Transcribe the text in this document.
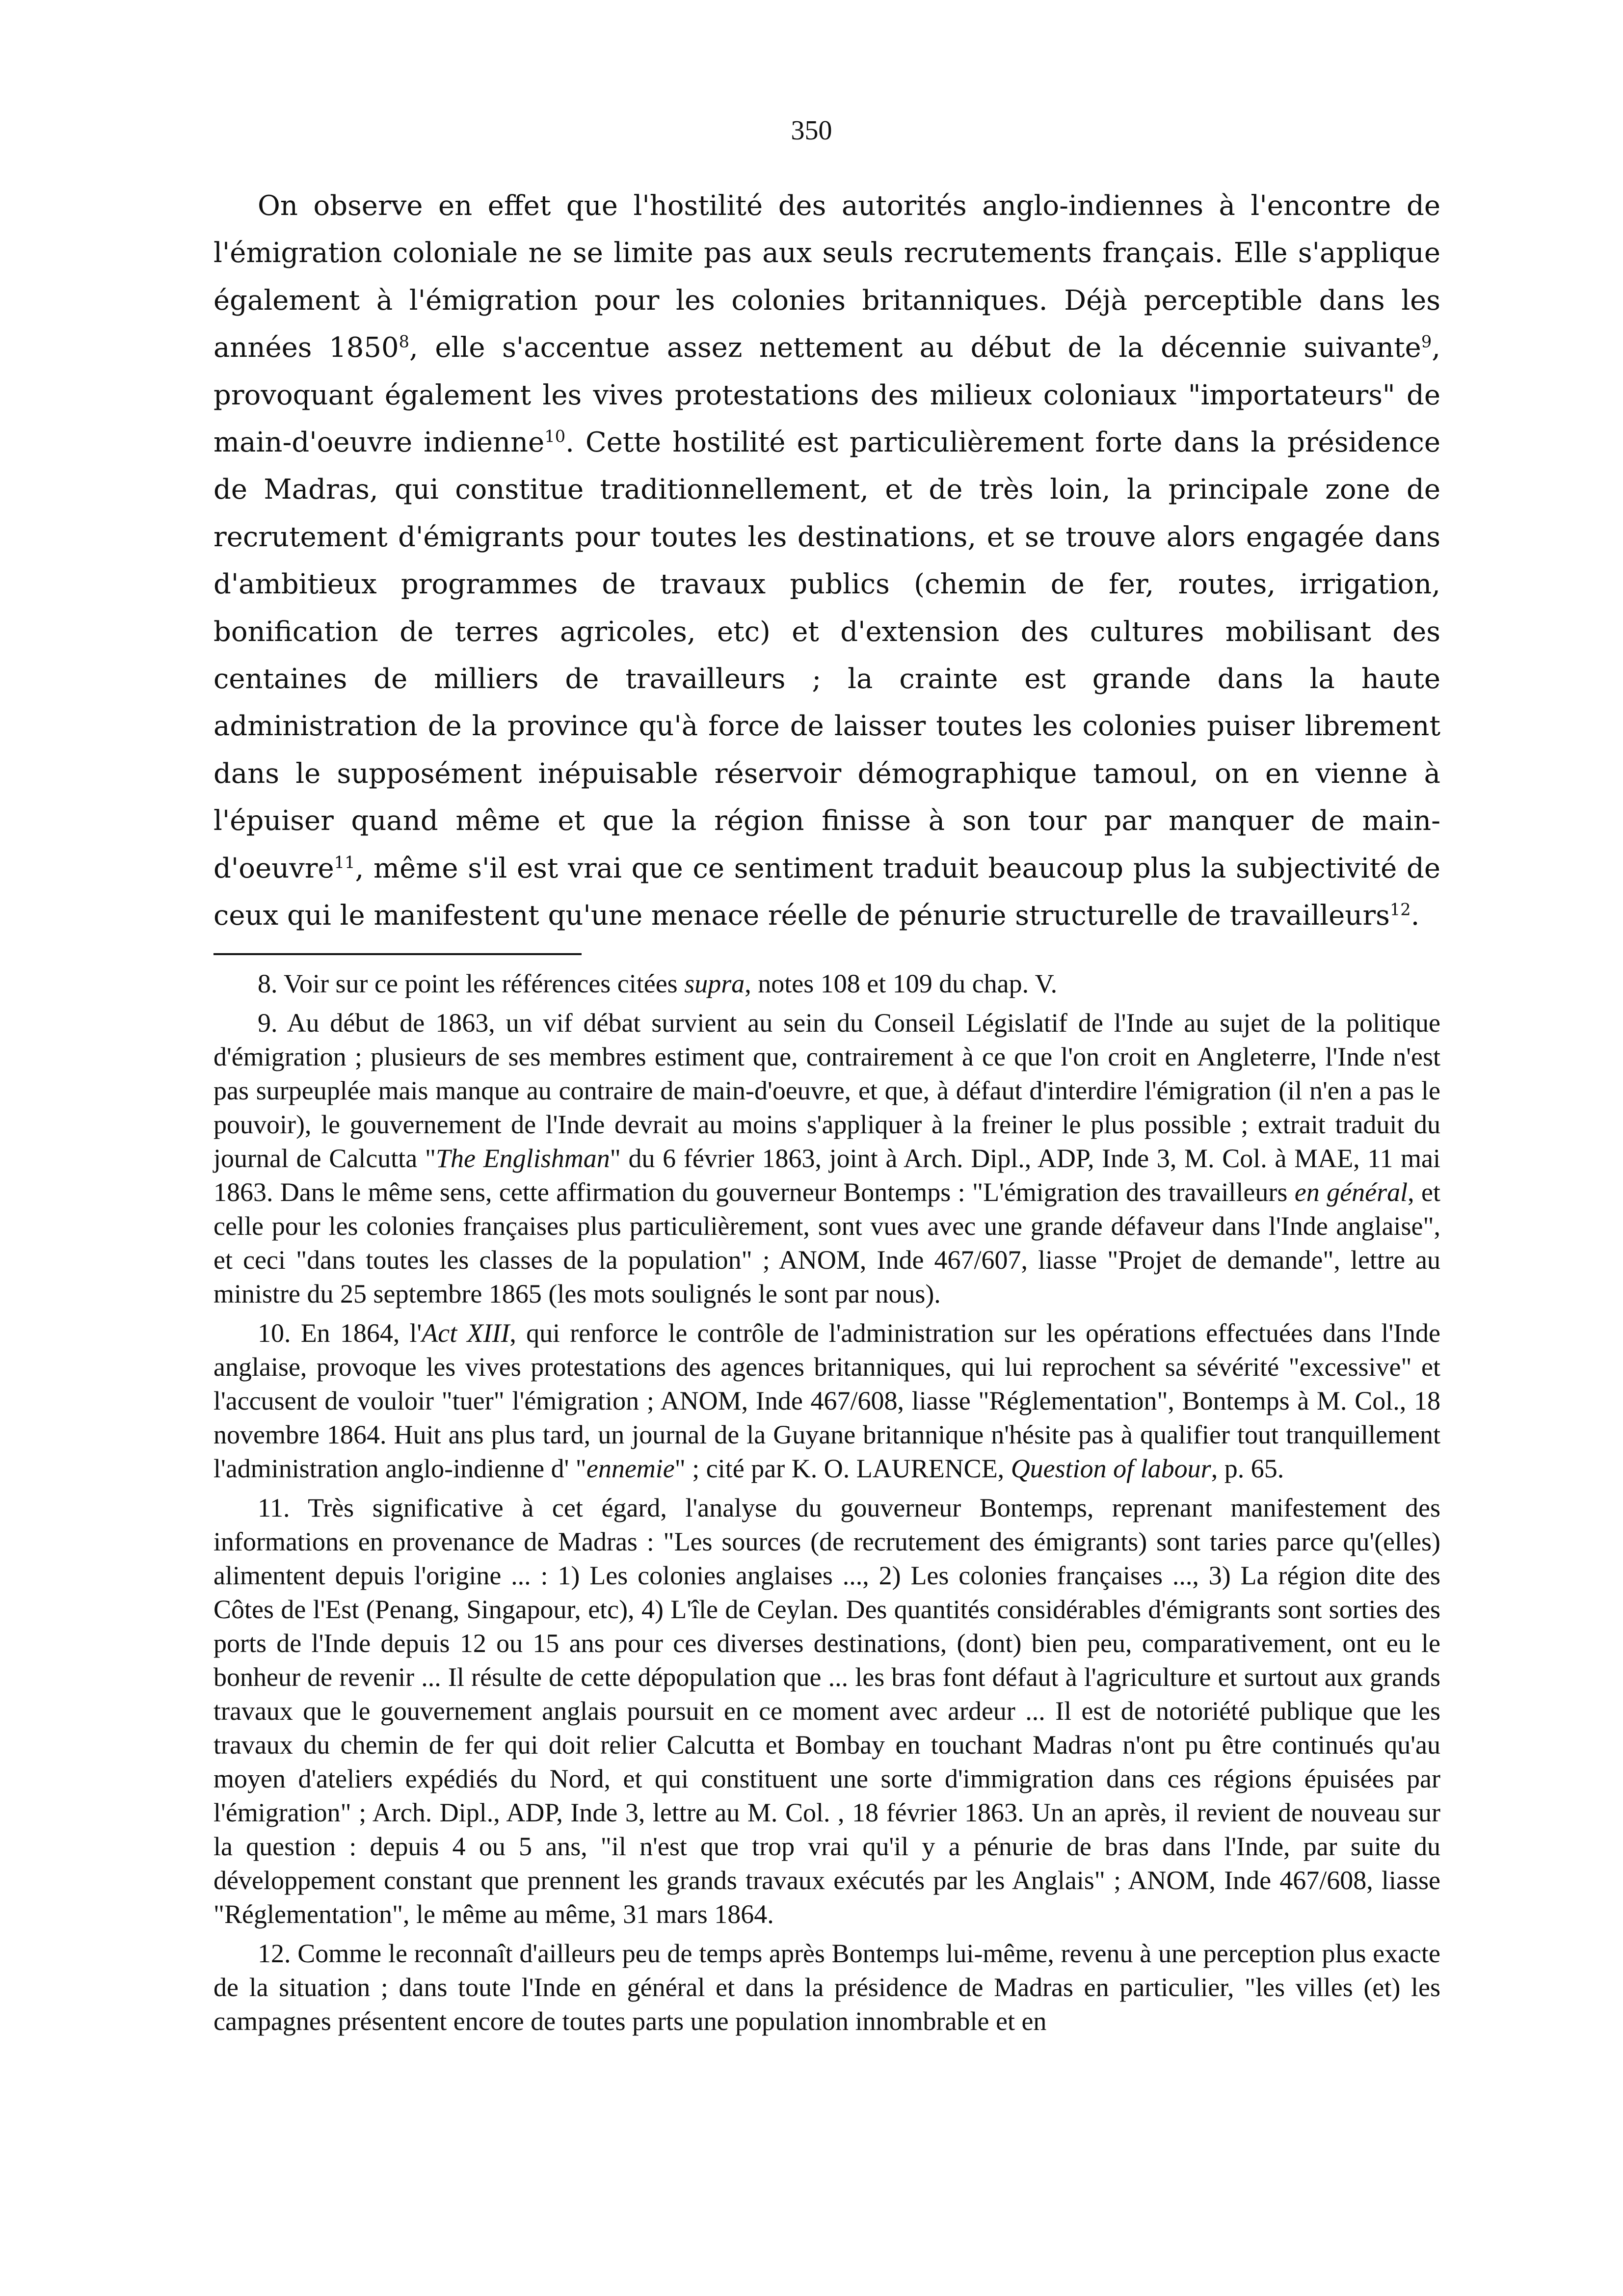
350

On observe en effet que l'hostilité des autorités anglo-indiennes à l'encontre de l'émigration coloniale ne se limite pas aux seuls recrutements français. Elle s'applique également à l'émigration pour les colonies britanniques. Déjà perceptible dans les années 1850$^8$, elle s'accentue assez nettement au début de la décennie suivante$^9$, provoquant également les vives protestations des milieux coloniaux "importateurs" de main-d'oeuvre indienne$^{10}$. Cette hostilité est particulièrement forte dans la présidence de Madras, qui constitue traditionnellement, et de très loin, la principale zone de recrutement d'émigrants pour toutes les destinations, et se trouve alors engagée dans d'ambitieux programmes de travaux publics (chemin de fer, routes, irrigation, bonification de terres agricoles, etc) et d'extension des cultures mobilisant des centaines de milliers de travailleurs ; la crainte est grande dans la haute administration de la province qu'à force de laisser toutes les colonies puiser librement dans le supposément inépuisable réservoir démographique tamoul, on en vienne à l'épuiser quand même et que la région finisse à son tour par manquer de main-d'oeuvre$^{11}$, même s'il est vrai que ce sentiment traduit beaucoup plus la subjectivité de ceux qui le manifestent qu'une menace réelle de pénurie structurelle de travailleurs$^{12}$.

8. Voir sur ce point les références citées supra, notes 108 et 109 du chap. V.

9. Au début de 1863, un vif débat survient au sein du Conseil Législatif de l'Inde au sujet de la politique d'émigration ; plusieurs de ses membres estiment que, contrairement à ce que l'on croit en Angleterre, l'Inde n'est pas surpeuplée mais manque au contraire de main-d'oeuvre, et que, à défaut d'interdire l'émigration (il n'en a pas le pouvoir), le gouvernement de l'Inde devrait au moins s'appliquer à la freiner le plus possible ; extrait traduit du journal de Calcutta "The Englishman" du 6 février 1863, joint à Arch. Dipl., ADP, Inde 3, M. Col. à MAE, 11 mai 1863. Dans le même sens, cette affirmation du gouverneur Bontemps : "L'émigration des travailleurs en général, et celle pour les colonies françaises plus particulièrement, sont vues avec une grande défaveur dans l'Inde anglaise", et ceci "dans toutes les classes de la population" ; ANOM, Inde 467/607, liasse "Projet de demande", lettre au ministre du 25 septembre 1865 (les mots soulignés le sont par nous).

10. En 1864, l'Act XIII, qui renforce le contrôle de l'administration sur les opérations effectuées dans l'Inde anglaise, provoque les vives protestations des agences britanniques, qui lui reprochent sa sévérité "excessive" et l'accusent de vouloir "tuer" l'émigration ; ANOM, Inde 467/608, liasse "Réglementation", Bontemps à M. Col., 18 novembre 1864. Huit ans plus tard, un journal de la Guyane britannique n'hésite pas à qualifier tout tranquillement l'administration anglo-indienne d' "ennemie" ; cité par K. O. LAURENCE, Question of labour, p. 65.

11. Très significative à cet égard, l'analyse du gouverneur Bontemps, reprenant manifestement des informations en provenance de Madras : "Les sources (de recrutement des émigrants) sont taries parce qu'(elles) alimentent depuis l'origine ... : 1) Les colonies anglaises ..., 2) Les colonies françaises ..., 3) La région dite des Côtes de l'Est (Penang, Singapour, etc), 4) L'île de Ceylan. Des quantités considérables d'émigrants sont sorties des ports de l'Inde depuis 12 ou 15 ans pour ces diverses destinations, (dont) bien peu, comparativement, ont eu le bonheur de revenir ... Il résulte de cette dépopulation que ... les bras font défaut à l'agriculture et surtout aux grands travaux que le gouvernement anglais poursuit en ce moment avec ardeur ... Il est de notoriété publique que les travaux du chemin de fer qui doit relier Calcutta et Bombay en touchant Madras n'ont pu être continués qu'au moyen d'ateliers expédiés du Nord, et qui constituent une sorte d'immigration dans ces régions épuisées par l'émigration" ; Arch. Dipl., ADP, Inde 3, lettre au M. Col. , 18 février 1863. Un an après, il revient de nouveau sur la question : depuis 4 ou 5 ans, "il n'est que trop vrai qu'il y a pénurie de bras dans l'Inde, par suite du développement constant que prennent les grands travaux exécutés par les Anglais" ; ANOM, Inde 467/608, liasse "Réglementation", le même au même, 31 mars 1864.

12. Comme le reconnaît d'ailleurs peu de temps après Bontemps lui-même, revenu à une perception plus exacte de la situation ; dans toute l'Inde en général et dans la présidence de Madras en particulier, "les villes (et) les campagnes présentent encore de toutes parts une population innombrable et en
